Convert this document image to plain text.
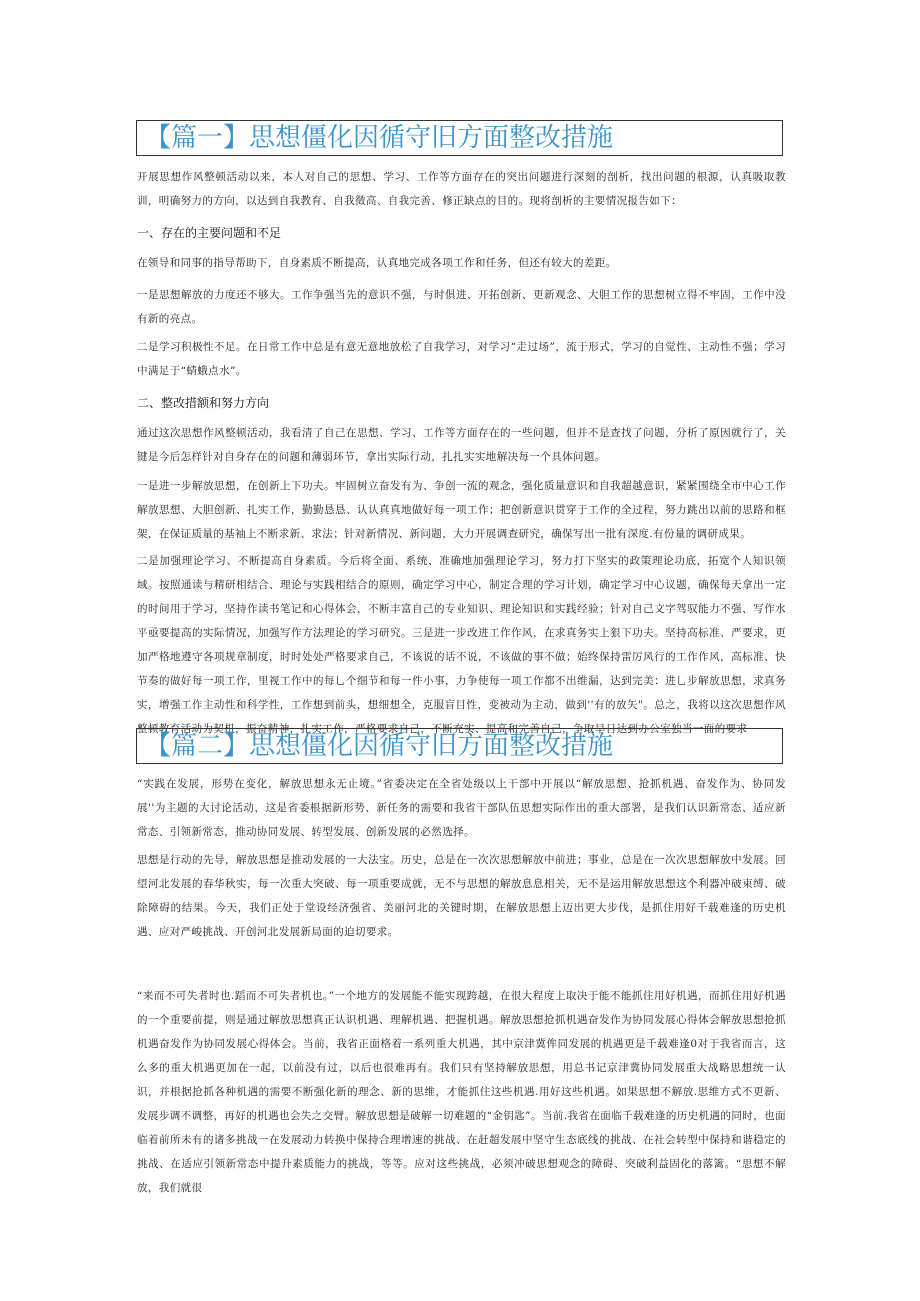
【篇一】思想僵化因循守旧方面整改措施

开展思想作风整顿活动以来，本人对自己的思想、学习、工作等方面存在的突出问题进行深刻的剖析，找出问题的根源，认真吸取教训，明确努力的方向，以达到自我教育、自我徵高、自我完善、修正缺点的目的。现将剖析的主要情况报告如下：

一、存在的主要问题和不足

在领导和同事的指导帮助下，自身素质不断提高，认真地完成各项工作和任务，但还有较大的差距。

一是思想解放的力度还不够大。工作争强当先的意识不强，与时俱进、开拓创新、更新观念、大胆工作的思想树立得不牢固，工作中没有新的亮点。

二是学习积极性不足。在日常工作中总是有意无意地放松了自我学习，对学习“走过场”，流于形式，学习的自觉性、主动性不强；学习中满足于“蜻蛾点水”。

二、整改措额和努力方向

通过这次思想作风整顿活动，我看清了自己在思想、学习、工作等方面存在的一些问题，但并不是查找了问题，分析了原因就行了，关键是今后怎样针对自身存在的问题和薄弱环节，拿出实际行动，扎扎实实地解决每一个具体问题。

一是进一步解放思想，在创新上下功夫。牢固树立奋发有为、争创一流的观念，强化质量意识和自我超越意识，紧紧围绕全市中心工作解放思想、大胆创新、扎实工作，勤勤恳恳、认认真真地做好每一项工作；把创新意识贯穿于工作的全过程，努力跳出以前的思路和框架，在保证质量的基袖上不断求新、求法；针对新情况、新问题，大力开展调查研究，确保写出一批有深度.有份量的调研成果。

二是加强理论学习、不断提高自身素质。今后将全面、系统、准确地加强理论学习，努力打下坚实的政策理论功底，拓宽个人知识领域。按照通读与精研相结合、理论与实践相结合的原则，确定学习中心，制定合理的学习计划，确定学习中心议题，确保每天拿出一定的时间用于学习，坚持作读书笔记和心得体会，不断丰富自己的专业知识、理论知识和实践经验；针对自己文字驾驭能力不强、写作水平亟要提高的实际情况，加强写作方法理论的学习研究。三是进一步改进工作作风，在求真务实上狠下功夫。坚持高标准、严要求，更加严格地遵守各项规章制度，时时处处严格要求自己，不该说的话不说，不该做的事不做；始终保持雷厉风行的工作作风，高标准、快节奏的做好每一项工作，里视工作中的每乚个细节和每一件小事，力争使每一项工作都不出维漏，达到完美：进乚步解放思想，求真务实，增强工作主动性和科学性，工作想到前头，想细想全，克服盲目性，变被动为主动，做到''有的放矢"。总之，我将以这次思想作风整顿教育活动为契机，振奋精神，扎实工作，严格要求自己，不断充实、提高和完善自己，争取早日达到办公室独当一面的要求

【篇二】思想僵化因循守旧方面整改措施

“实践在发展，形势在变化，解放思想永无止境。”省委决定在全省处级以上干部中开展以“解放思想、抢抓机遇、奋发作为、协同发展''为主题的大讨论活动，这是省委根据新形势、新任务的需要和我省干部队伍思想实际作出的重大部署，是我们认识新常态、适应新常态、引领新常态，推动协同发展、转型发展、创新发展的必然选择。

思想是行动的先导，解放思想是推动发展的一大法宝。历史，总是在一次次思想解放中前进；事业，总是在一次次思想解放中发展。回望河北发展的春华秋实，每一次重大突破、每一项重要成就，无不与思想的解放息息相关，无不是运用解放思想这个利器冲破束缚、破除障碍的结果。今天，我们正处于堂设经济强省、美丽河北的关键时期，在解放思想上迈出更大步伐，是抓住用好千载难逢的历史机遇、应对严峻挑战、开创河北发展新局面的迫切要求。

“来而不可失者时也.蹈而不可失者机也。”一个地方的发展能不能实现跨越，在很大程度上取决于能不能抓住用好机遇，而抓住用好机遇的一个重要前提，则是通过解放思想真正认识机遇、理解机遇、把握机遇。解放思想抢抓机遇奋发作为协同发展心得体会解放思想抢抓机遇奋发作为协同发展心得体会。当前，我省正面格着一系列重大机遇，其中京津冀侔同发展的机遇更是千载难逢0对于我省而言，这么多的重大机遇更加在一起，以前没有过，以后也很难再有。我们只有坚持解放思想，用总书记京津冀协同发展重大战略思想统一认识，并根据抢抓各种机遇的需要不断强化新的理念、新的思维，才能抓住这些机遇.用好这些机遇。如果思想不解放.思维方式不更新、发展步调不调整，再好的机遇也会失之交臂。解放思想是破解一切难题的“金钥匙”。当前.我省在面临千载难逢的历史机遇的同时，也面临着前所未有的诸多挑战一在发展动力转换中保持合理增速的挑战、在赶超发展中坚守生态底线的挑战、在社会转型中保持和谐稳定的挑战、在适应引领新常态中提升素质能力的挑战，等等。应对这些挑战，必须冲破思想观念的障碍、突破利益固化的落篱。“思想不解放，我们就很
